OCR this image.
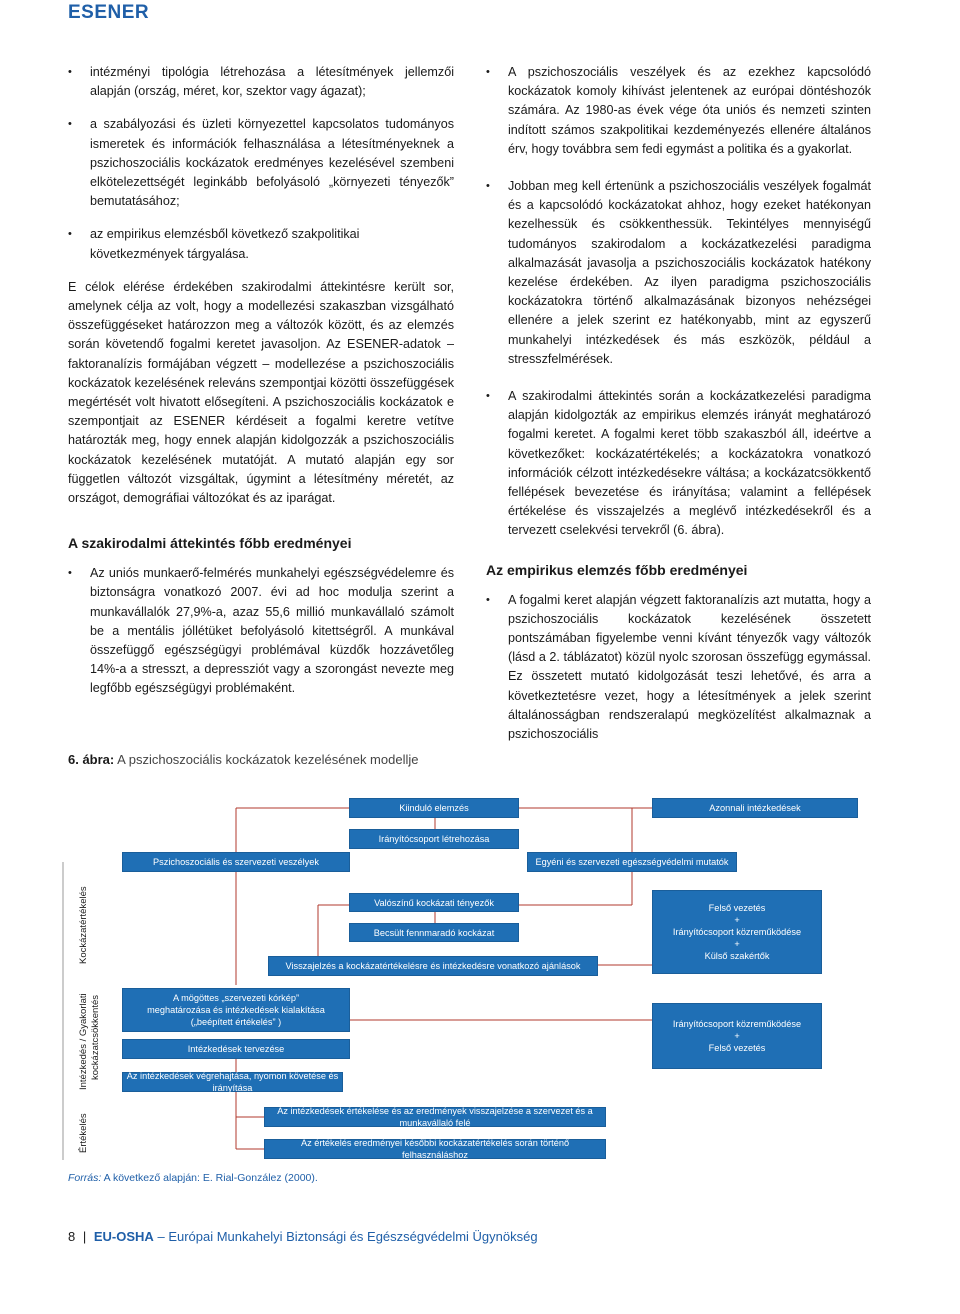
ESENER
• intézményi tipológia létrehozása a létesítmények jellemzői alapján (ország, méret, kor, szektor vagy ágazat);
• a szabályozási és üzleti környezettel kapcsolatos tudományos ismeretek és információk felhasználása a létesítményeknek a pszichoszociális kockázatok eredményes kezelésével szembeni elkötelezettségét leginkább befolyásoló „környezeti tényezők” bemutatásához;
• az empirikus elemzésből következő szakpolitikai következmények tárgyalása.

E célok elérése érdekében szakirodalmi áttekintésre került sor, amelynek célja az volt, hogy a modellezési szakaszban vizsgálható összefüggéseket határozzon meg a változók között, és az elemzés során követendő fogalmi keretet javasoljon. Az ESENER-adatok – faktoranalízis formájában végzett – modellezése a pszichoszociális kockázatok kezelésének releváns szempontjai közötti összefüggések megértését volt hivatott elősegíteni. A pszichoszociális kockázatok e szempontjait az ESENER kérdéseit a fogalmi keretre vetítve határozták meg, hogy ennek alapján kidolgozzák a pszichoszociális kockázatok kezelésének mutatóját. A mutató alapján egy sor független változót vizsgáltak, úgymint a létesítmény méretét, az országot, demográfiai változókat és az iparágat.

A szakirodalmi áttekintés főbb eredményei
• Az uniós munkaerő-felmérés munkahelyi egészségvédelemre és biztonságra vonatkozó 2007. évi ad hoc modulja szerint a munkavállalók 27,9%-a, azaz 55,6 millió munkavállaló számolt be a mentális jóllétüket befolyásoló kitettségről. A munkával összefüggő egészségügyi problémával küzdők hozzávetőleg 14%-a a stresszt, a depressziót vagy a szorongást nevezte meg legfőbb egészségügyi problémaként.
• A pszichoszociális veszélyek és az ezekhez kapcsolódó kockázatok komoly kihívást jelentenek az európai döntéshozók számára. Az 1980-as évek vége óta uniós és nemzeti szinten indított számos szakpolitikai kezdeményezés ellenére általános érv, hogy továbbra sem fedi egymást a politika és a gyakorlat.
• Jobban meg kell értenünk a pszichoszociális veszélyek fogalmát és a kapcsolódó kockázatokat ahhoz, hogy ezeket hatékonyan kezelhessük és csökkenthessük. Tekintélyes mennyiségű tudományos szakirodalom a kockázatkezelési paradigma alkalmazását javasolja a pszichoszociális kockázatok hatékony kezelése érdekében. Az ilyen paradigma pszichoszociális kockázatokra történő alkalmazásának bizonyos nehézségei ellenére a jelek szerint ez hatékonyabb, mint az egyszerű munkahelyi intézkedések és más eszközök, például a stresszfelmérések.
• A szakirodalmi áttekintés során a kockázatkezelési paradigma alapján kidolgozták az empirikus elemzés irányát meghatározó fogalmi keretet. A fogalmi keret több szakaszból áll, ideértve a következőket: kockázatértékelés; a kockázatokra vonatkozó információk célzott intézkedésekre váltása; a kockázatcsökkentő fellépések bevezetése és irányítása; valamint a fellépések értékelése és visszajelzés a meglévő intézkedésekről és a tervezett cselekvési tervekről (6. ábra).
Az empirikus elemzés főbb eredményei
• A fogalmi keret alapján végzett faktoranalízis azt mutatta, hogy a pszichoszociális kockázatok kezelésének összetett pontszámában figyelembe venni kívánt tényezők vagy változók (lásd a 2. táblázatot) közül nyolc szorosan összefügg egymással. Ez összetett mutató kidolgozását teszi lehetővé, és arra a következtetésre vezet, hogy a létesítmények a jelek szerint általánosságban rendszeralapú megközelítést alkalmaznak a pszichoszociális
6. ábra: A pszichoszociális kockázatok kezelésének modellje
Kiinduló elemzés	Azonnali intézkedések
Irányítócsoport létrehozása
Pszichoszociális és szervezeti veszélyek	Egyéni és szervezeti egészségvédelmi mutatók
Valószínű kockázati tényezők
Becsült fennmaradó kockázat
Visszajelzés a kockázatértékelésre és intézkedésre vonatkozó ajánlások
Felső vezetés
+
Irányítócsoport közreműködése
+
Külső szakértők
A mögöttes „szervezeti kórkép”
meghatározása és intézkedések kialakítása
(„beépített értékelés” )
Intézkedések tervezése
Az intézkedések végrehajtása, nyomon követése és irányítása
Irányítócsoport közreműködése
+
Felső vezetés
Az intézkedések értékelése és az eredmények visszajelzése a szervezet és a munkavállaló felé
Az értékelés eredményei későbbi kockázatértékelés során történő felhasználáshoz
Kockázatértékelés
Intézkedés / Gyakorlati kockázatcsökkentés
Értékelés
Forrás: A következő alapján: E. Rial-González (2000).
8 | EU-OSHA – Európai Munkahelyi Biztonsági és Egészségvédelmi Ügynökség
